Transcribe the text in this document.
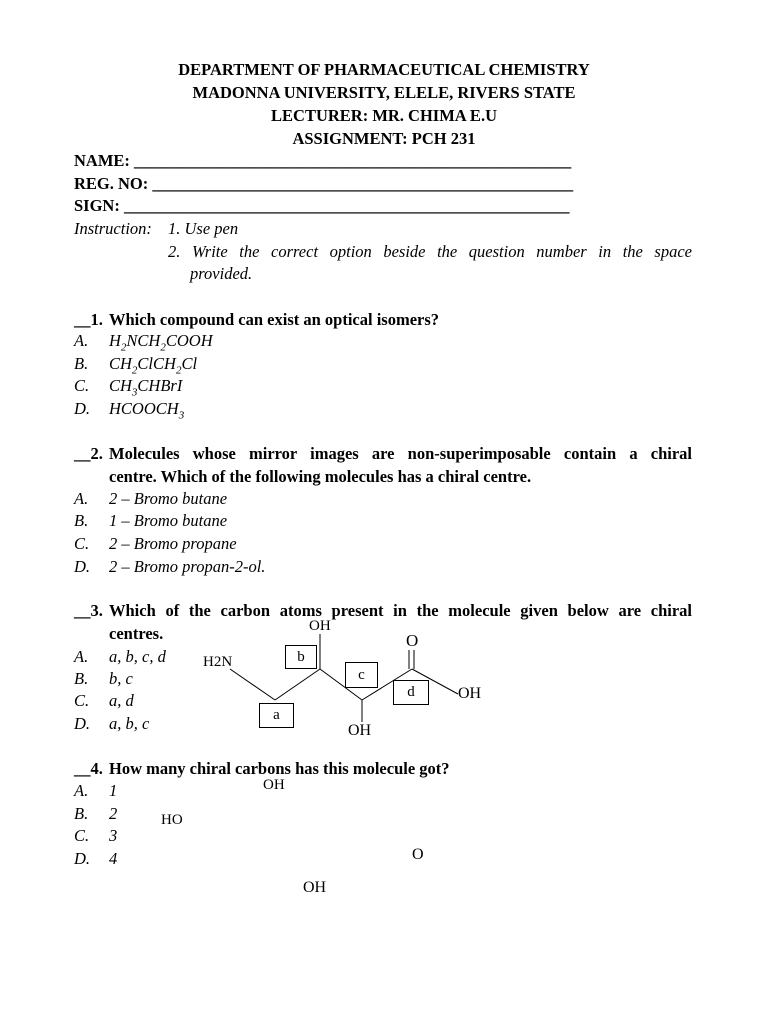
DEPARTMENT OF PHARMACEUTICAL CHEMISTRY
MADONNA UNIVERSITY, ELELE, RIVERS STATE
LECTURER: MR. CHIMA E.U
ASSIGNMENT: PCH 231
NAME: _____________________________________________________
REG. NO: ___________________________________________________
SIGN: ______________________________________________________
Instruction: 1. Use pen
2. Write the correct option beside the question number in the space
provided.
__1. Which compound can exist an optical isomers?
A. $H_2NCH_2COOH$
B. $CH_2ClCH_2Cl$
C. $CH_3CHBrI$
D. $HCOOCH_3$
__2. Molecules whose mirror images are non-superimposable contain a chiral
centre. Which of the following molecules has a chiral centre.
A. 2 – Bromo butane
B. 1 – Bromo butane
C. 2 – Bromo propane
D. 2 – Bromo propan-2-ol.
__3. Which of the carbon atoms present in the molecule given below are chiral
centres.
A. a, b, c, d
B. b, c
C. a, d
D. a, b, c
H2N
OH
O
OH
OH
b
c
d
a
__4. How many chiral carbons has this molecule got?
A. 1
B. 2
C. 3
D. 4
OH
HO
O
OH
